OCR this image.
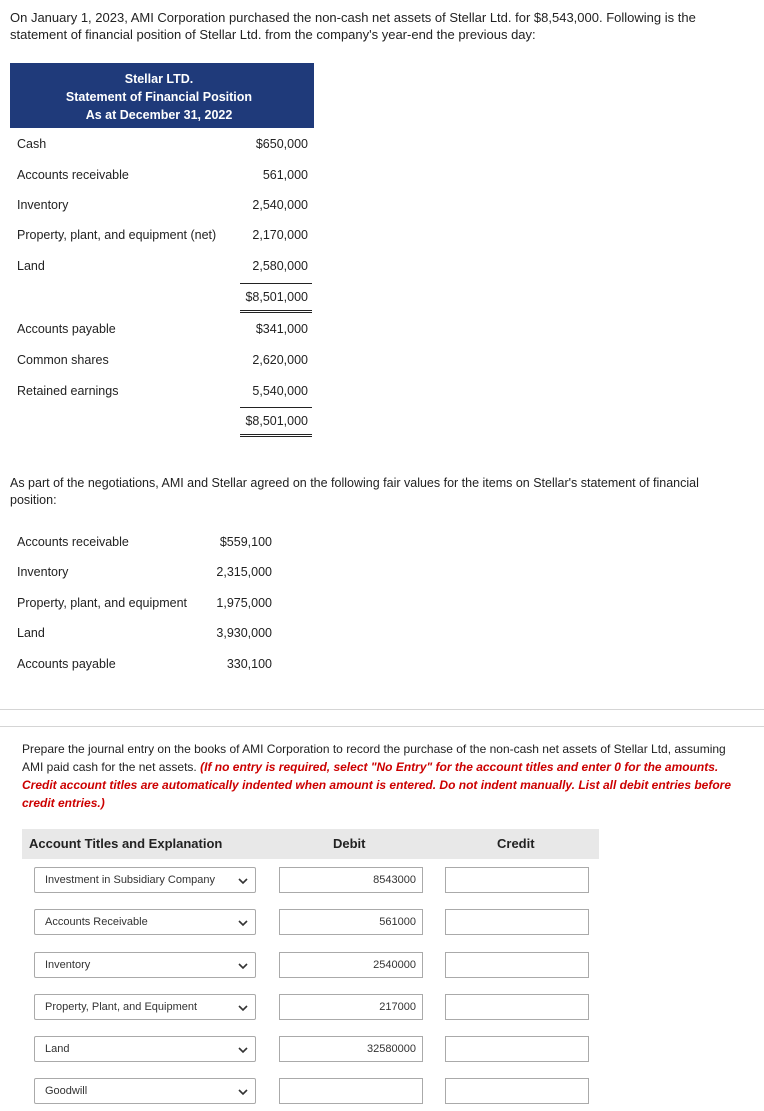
On January 1, 2023, AMI Corporation purchased the non-cash net assets of Stellar Ltd. for $8,543,000. Following is the statement of financial position of Stellar Ltd. from the company's year-end the previous day:
Stellar LTD.
Statement of Financial Position
As at December 31, 2022
Cash	$650,000
Accounts receivable	561,000
Inventory	2,540,000
Property, plant, and equipment (net)	2,170,000
Land	2,580,000
$8,501,000
Accounts payable	$341,000
Common shares	2,620,000
Retained earnings	5,540,000
$8,501,000
As part of the negotiations, AMI and Stellar agreed on the following fair values for the items on Stellar's statement of financial position:
Accounts receivable	$559,100
Inventory	2,315,000
Property, plant, and equipment	1,975,000
Land	3,930,000
Accounts payable	330,100
Prepare the journal entry on the books of AMI Corporation to record the purchase of the non-cash net assets of Stellar Ltd, assuming AMI paid cash for the net assets. (If no entry is required, select "No Entry" for the account titles and enter 0 for the amounts. Credit account titles are automatically indented when amount is entered. Do not indent manually. List all debit entries before credit entries.)
Account Titles and Explanation	Debit	Credit
Investment in Subsidiary Company	8543000
Accounts Receivable	561000
Inventory	2540000
Property, Plant, and Equipment	217000
Land	32580000
Goodwill
